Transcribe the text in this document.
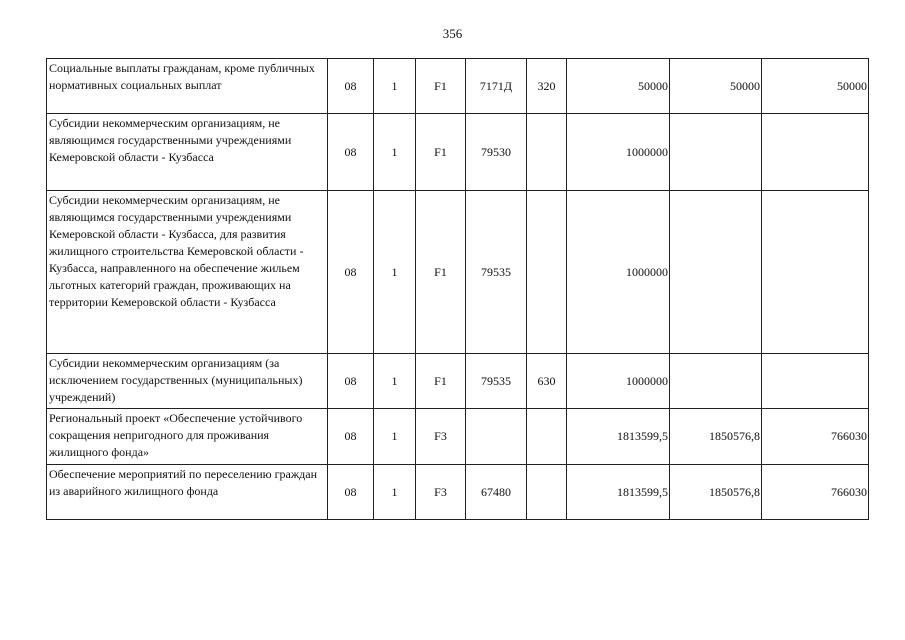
356
Социальные выплаты гражданам, кроме публичных нормативных социальных выплат	08	1	F1	7171Д	320	50000	50000	50000
Субсидии некоммерческим организациям, не являющимся государственными учреждениями Кемеровской области - Кузбасса	08	1	F1	79530		1000000		
Субсидии некоммерческим организациям, не являющимся государственными учреждениями Кемеровской области - Кузбасса, для развития жилищного строительства Кемеровской области - Кузбасса, направленного на обеспечение жильем льготных категорий граждан, проживающих на территории Кемеровской области - Кузбасса	08	1	F1	79535		1000000		
Субсидии некоммерческим организациям (за исключением государственных (муниципальных) учреждений)	08	1	F1	79535	630	1000000		
Региональный проект «Обеспечение устойчивого сокращения непригодного для проживания жилищного фонда»	08	1	F3			1813599,5	1850576,8	766030
Обеспечение мероприятий по переселению граждан из аварийного жилищного фонда	08	1	F3	67480		1813599,5	1850576,8	766030
